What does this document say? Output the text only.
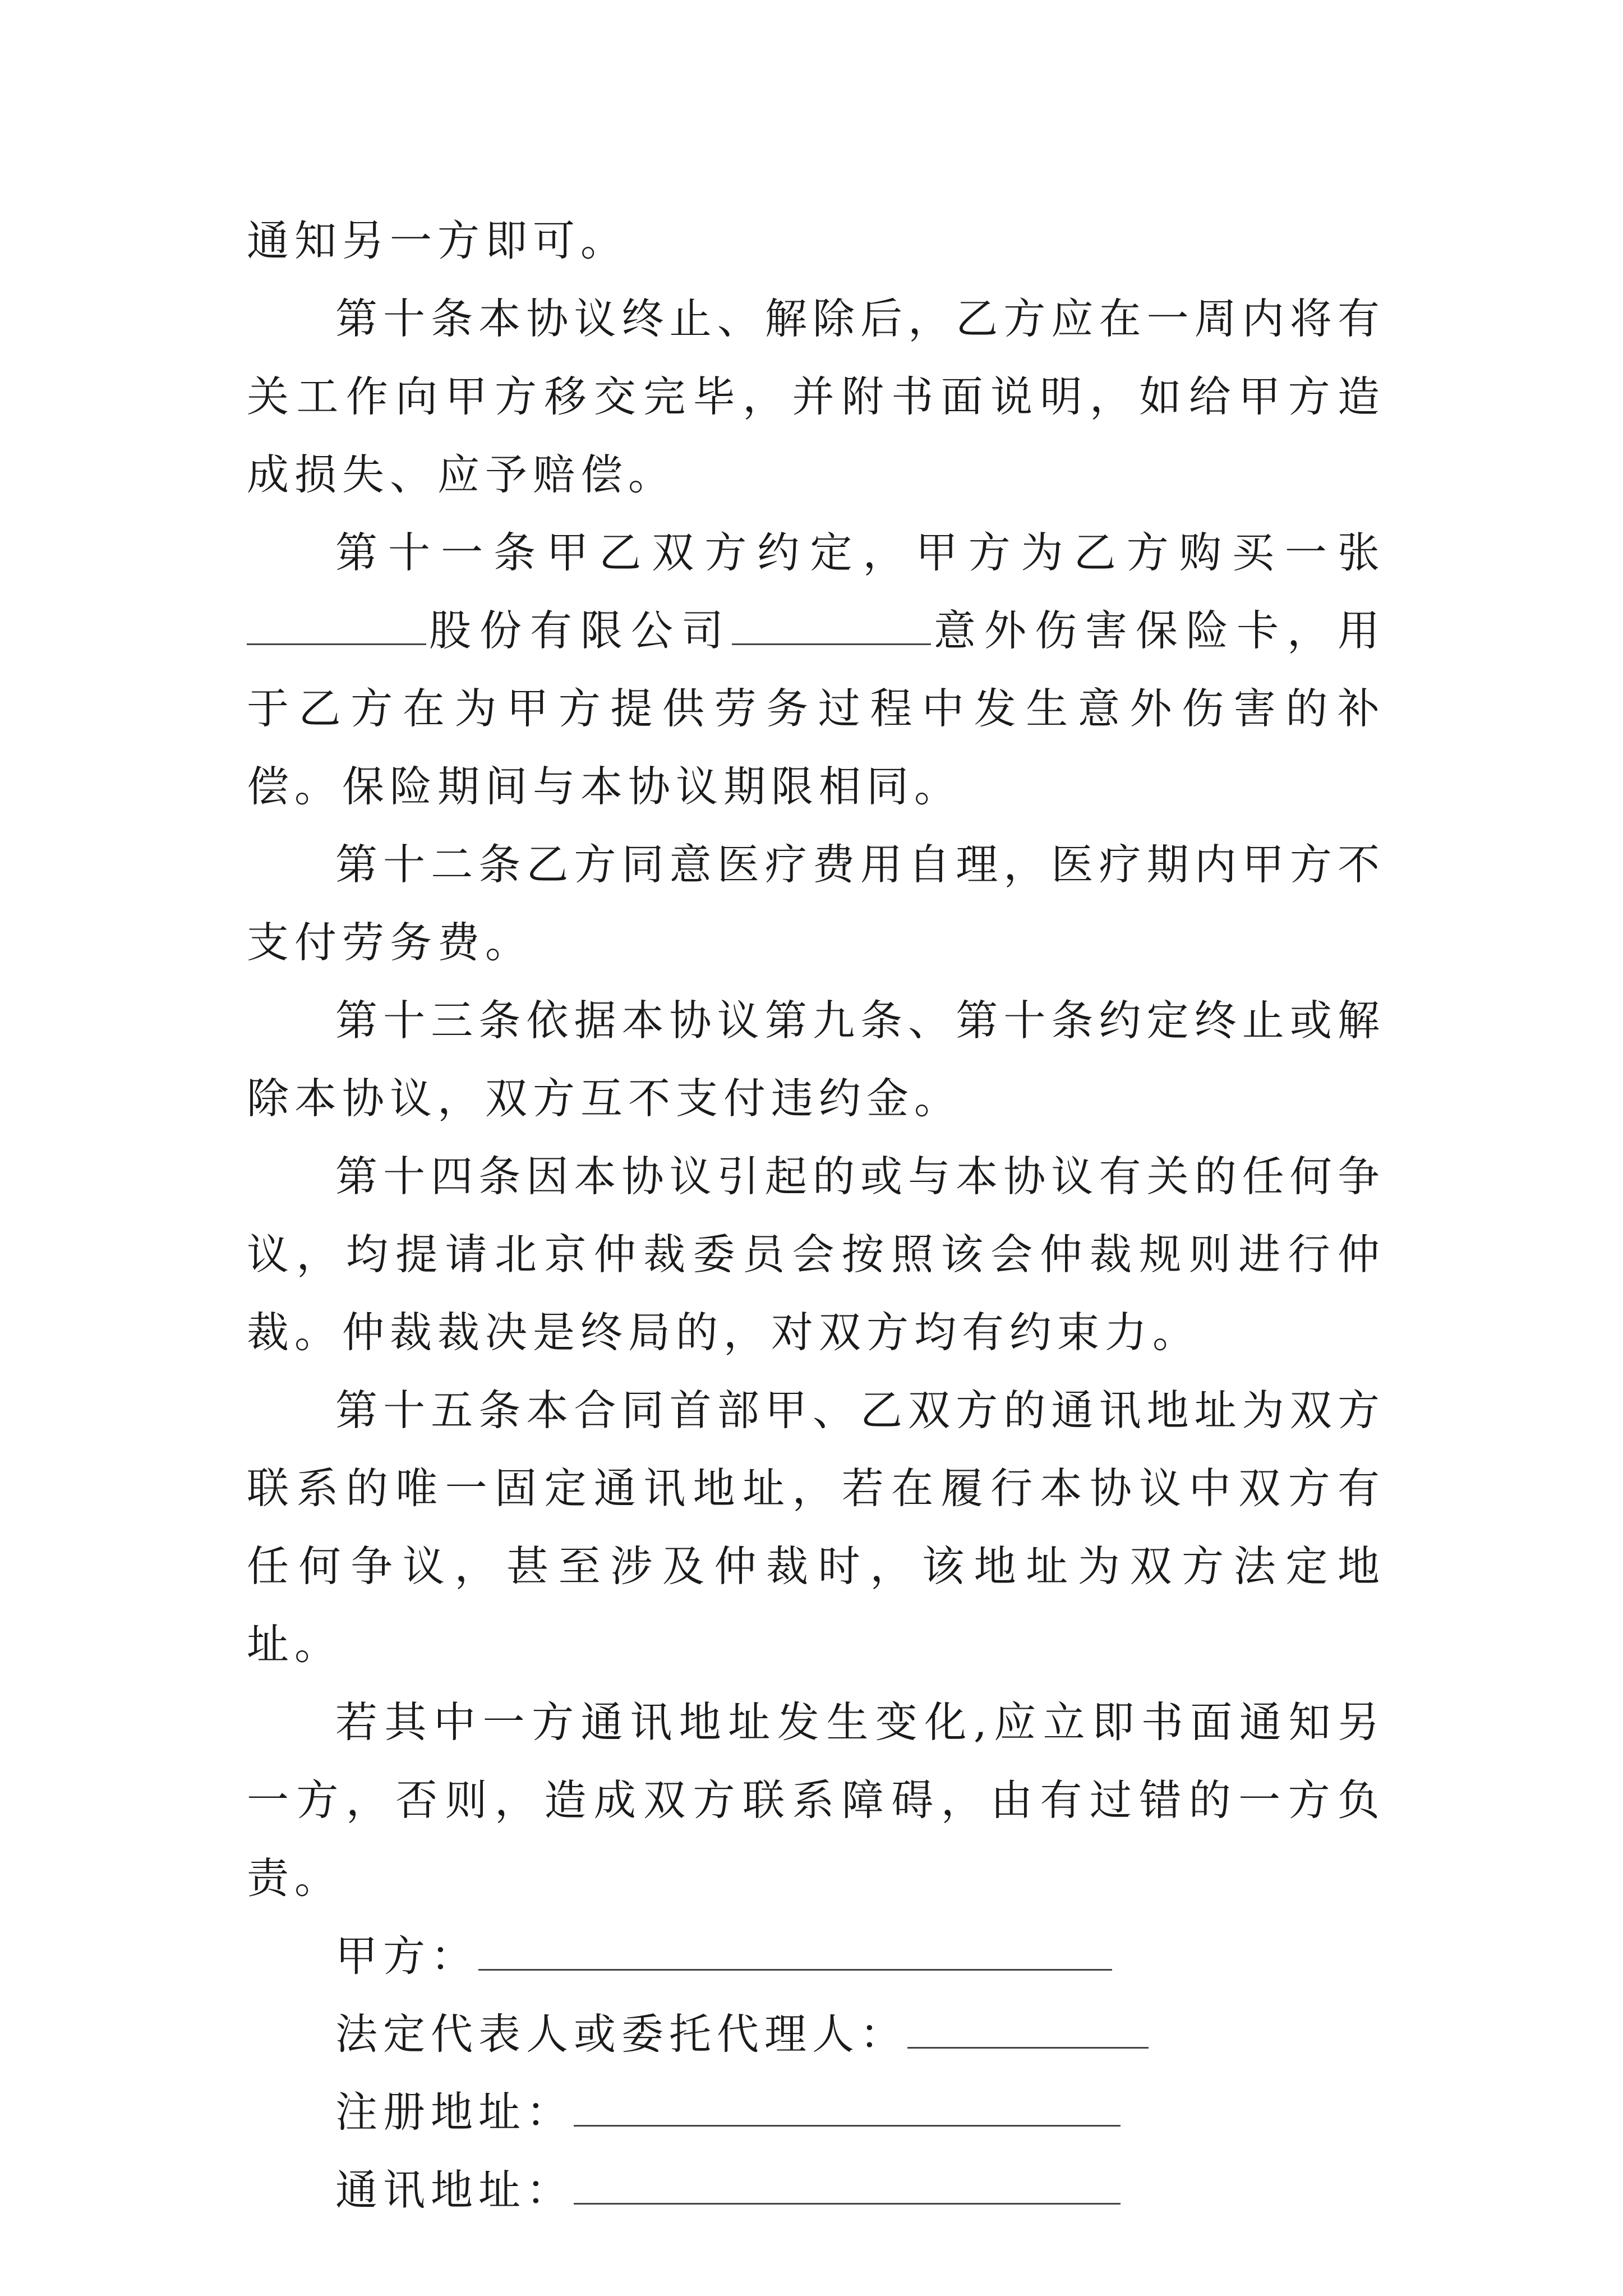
通知另一方即可。

第十条本协议终止、解除后，乙方应在一周内将有关工作向甲方移交完毕，并附书面说明，如给甲方造成损失、应予赔偿。

第十一条甲乙双方约定，甲方为乙方购买一张股份有限公司	意外伤害保险卡，用于乙方在为甲方提供劳务过程中发生意外伤害的补偿。保险期间与本协议期限相同。

第十二条乙方同意医疗费用自理，医疗期内甲方不支付劳务费。

第十三条依据本协议第九条、第十条约定终止或解除本协议，双方互不支付违约金。

第十四条因本协议引起的或与本协议有关的任何争议，均提请北京仲裁委员会按照该会仲裁规则进行仲裁。仲裁裁决是终局的，对双方均有约束力。

第十五条本合同首部甲、乙双方的通讯地址为双方联系的唯一固定通讯地址，若在履行本协议中双方有任何争议，甚至涉及仲裁时，该地址为双方法定地址。

若其中一方通讯地址发生变化,应立即书面通知另一方，否则，造成双方联系障碍，由有过错的一方负责。

甲方：
法定代表人或委托代理人：
注册地址：
通讯地址：
